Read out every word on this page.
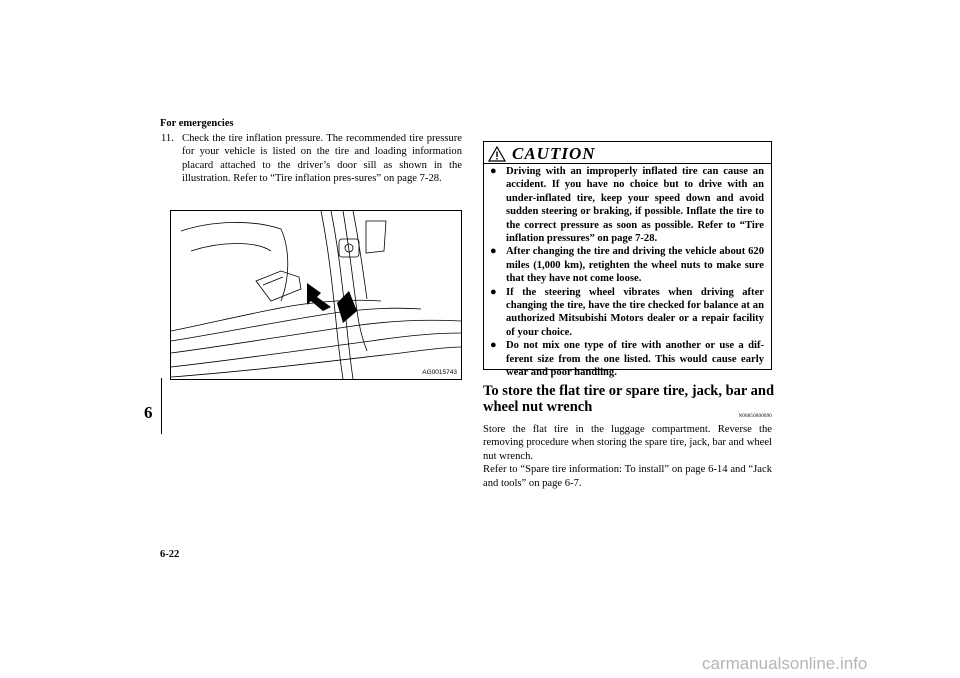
For emergencies
6
11. Check the tire inflation pressure. The recommended tire pressure for your vehicle is listed on the tire and loading information placard attached to the driver’s door sill as shown in the illustration. Refer to “Tire inflation pres-sures” on page 7-28.
AG0015743
CAUTION
● Driving with an improperly inflated tire can cause an accident. If you have no choice but to drive with an under-inflated tire, keep your speed down and avoid sudden steering or braking, if possible. Inflate the tire to the correct pressure as soon as possible. Refer to “Tire inflation pressures” on page 7-28.
● After changing the tire and driving the vehicle about 620 miles (1,000 km), retighten the wheel nuts to make sure that they have not come loose.
● If the steering wheel vibrates when driving after changing the tire, have the tire checked for balance at an authorized Mitsubishi Motors dealer or a repair facility of your choice.
● Do not mix one type of tire with another or use a dif-ferent size from the one listed. This would cause early wear and poor handling.
To store the flat tire or spare tire, jack, bar and wheel nut wrench
N00850000090
Store the flat tire in the luggage compartment. Reverse the removing procedure when storing the spare tire, jack, bar and wheel nut wrench.
Refer to “Spare tire information: To install” on page 6-14 and “Jack and tools” on page 6-7.
6-22
carmanualsonline.info
